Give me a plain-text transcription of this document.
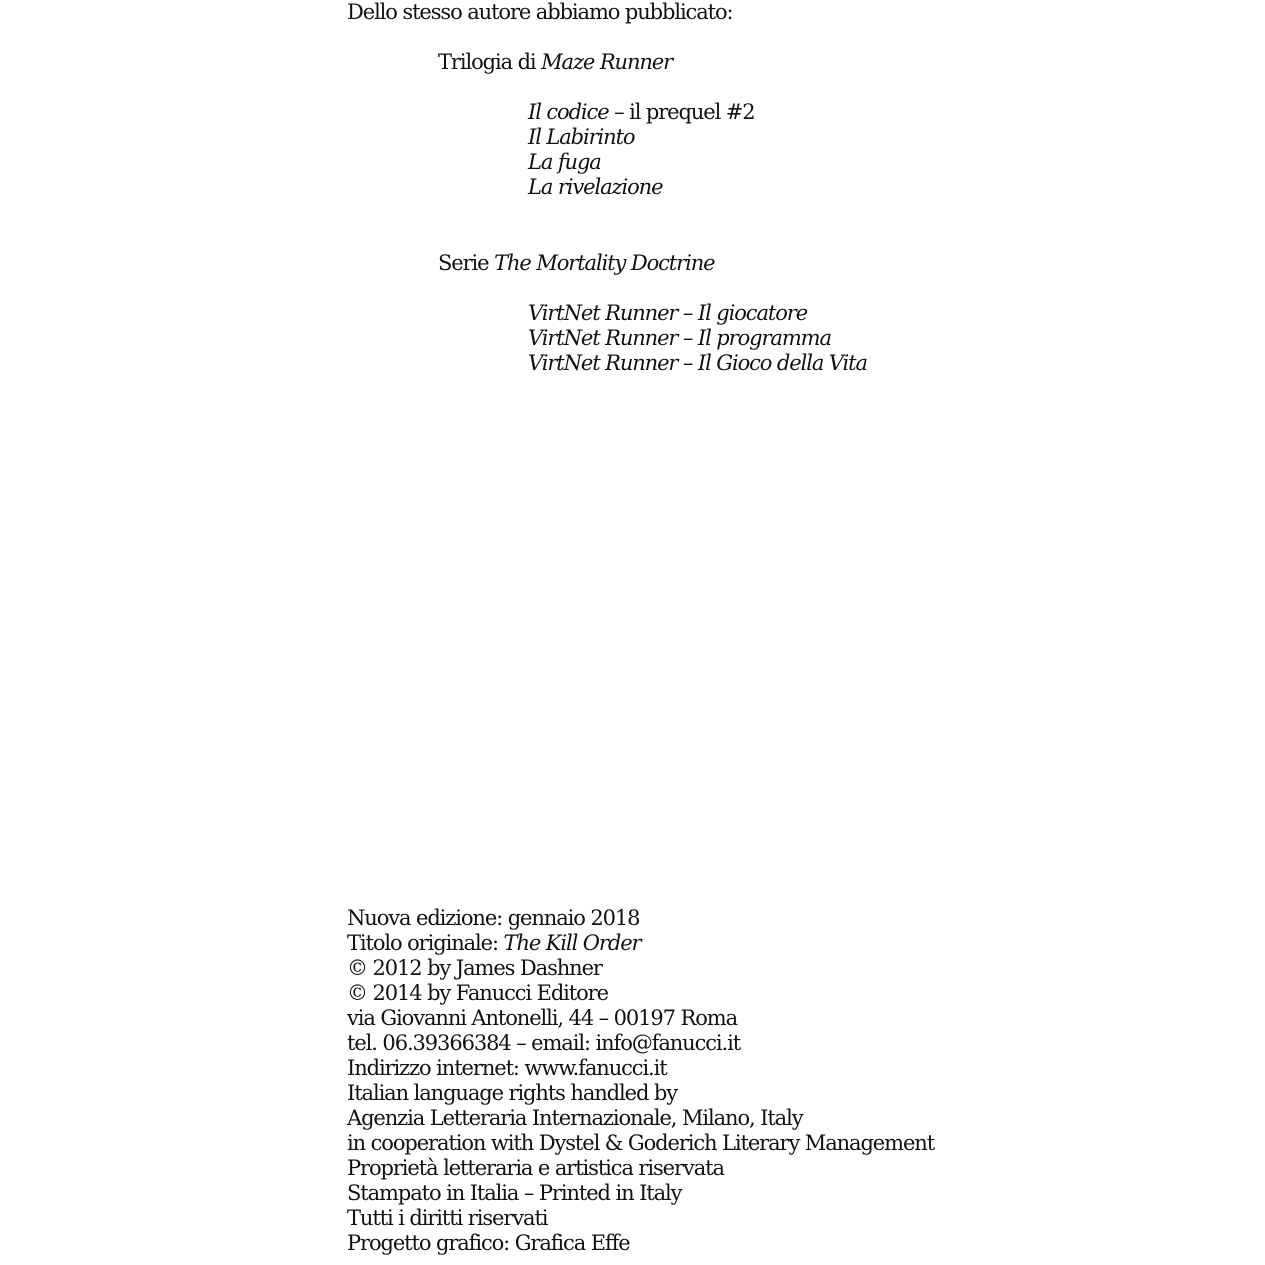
Dello stesso autore abbiamo pubblicato:
Trilogia di Maze Runner
Il codice – il prequel #2
Il Labirinto
La fuga
La rivelazione
Serie The Mortality Doctrine
VirtNet Runner – Il giocatore
VirtNet Runner – Il programma
VirtNet Runner – Il Gioco della Vita
Nuova edizione: gennaio 2018
Titolo originale: The Kill Order
© 2012 by James Dashner
© 2014 by Fanucci Editore
via Giovanni Antonelli, 44 – 00197 Roma
tel. 06.39366384 – email: info@fanucci.it
Indirizzo internet: www.fanucci.it
Italian language rights handled by
Agenzia Letteraria Internazionale, Milano, Italy
in cooperation with Dystel & Goderich Literary Management
Proprietà letteraria e artistica riservata
Stampato in Italia – Printed in Italy
Tutti i diritti riservati
Progetto grafico: Grafica Effe
